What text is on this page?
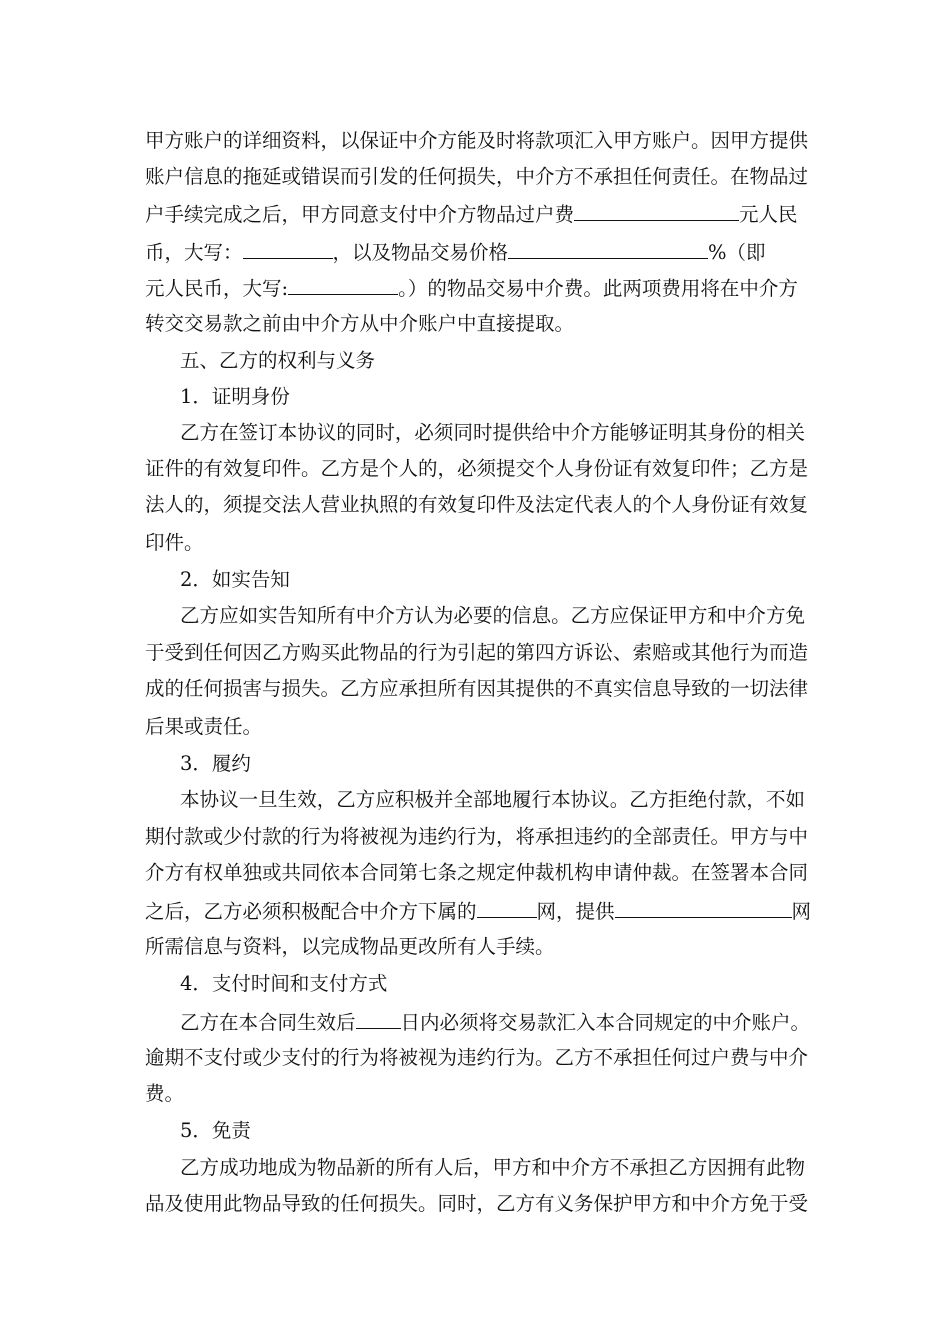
甲方账户的详细资料，以保证中介方能及时将款项汇入甲方账户。因甲方提供
账户信息的拖延或错误而引发的任何损失，中介方不承担任何责任。在物品过
户手续完成之后，甲方同意支付中介方物品过户费	元人民
币，大写：	，以及物品交易价格	%（即
元人民币，大写:	。）的物品交易中介费。此两项费用将在中介方
转交交易款之前由中介方从中介账户中直接提取。
五、乙方的权利与义务
1．证明身份
乙方在签订本协议的同时，必须同时提供给中介方能够证明其身份的相关
证件的有效复印件。乙方是个人的，必须提交个人身份证有效复印件；乙方是
法人的，须提交法人营业执照的有效复印件及法定代表人的个人身份证有效复
印件。
2．如实告知
乙方应如实告知所有中介方认为必要的信息。乙方应保证甲方和中介方免
于受到任何因乙方购买此物品的行为引起的第四方诉讼、索赔或其他行为而造
成的任何损害与损失。乙方应承担所有因其提供的不真实信息导致的一切法律
后果或责任。
3．履约
本协议一旦生效，乙方应积极并全部地履行本协议。乙方拒绝付款，不如
期付款或少付款的行为将被视为违约行为，将承担违约的全部责任。甲方与中
介方有权单独或共同依本合同第七条之规定仲裁机构申请仲裁。在签署本合同
之后，乙方必须积极配合中介方下属的	网，提供	网
所需信息与资料，以完成物品更改所有人手续。
4．支付时间和支付方式
乙方在本合同生效后 日内必须将交易款汇入本合同规定的中介账户。
逾期不支付或少支付的行为将被视为违约行为。乙方不承担任何过户费与中介
费。
5．免责
乙方成功地成为物品新的所有人后，甲方和中介方不承担乙方因拥有此物
品及使用此物品导致的任何损失。同时，乙方有义务保护甲方和中介方免于受
